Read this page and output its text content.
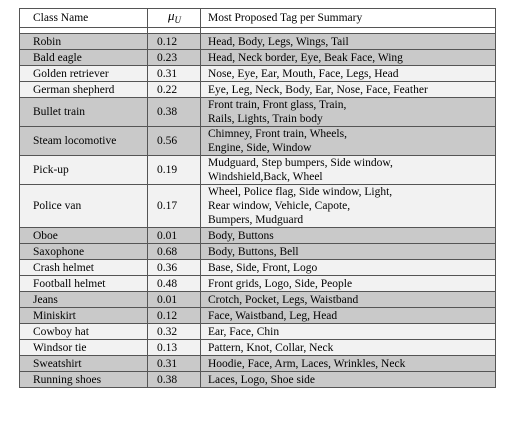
Class Name	$\mu_U$	Most Proposed Tag per Summary

Robin	0.12	Head, Body, Legs, Wings, Tail

Bald eagle	0.23	Head, Neck border, Eye, Beak Face, Wing

Golden retriever	0.31	Nose, Eye, Ear, Mouth, Face, Legs, Head

German shepherd	0.22	Eye, Leg, Neck, Body, Ear, Nose, Face, Feather

Bullet train	0.38	Front train, Front glass, Train,
Rails, Lights, Train body

Steam locomotive	0.56	Chimney, Front train, Wheels,
Engine, Side, Window

Pick-up	0.19	Mudguard, Step bumpers, Side window,
Windshield,Back, Wheel

Police van	0.17	Wheel, Police flag, Side window, Light,
Rear window, Vehicle, Capote,
Bumpers, Mudguard

Oboe	0.01	Body, Buttons

Saxophone	0.68	Body, Buttons, Bell

Crash helmet	0.36	Base, Side, Front, Logo

Football helmet	0.48	Front grids, Logo, Side, People

Jeans	0.01	Crotch, Pocket, Legs, Waistband

Miniskirt	0.12	Face, Waistband, Leg, Head

Cowboy hat	0.32	Ear, Face, Chin

Windsor tie	0.13	Pattern, Knot, Collar, Neck

Sweatshirt	0.31	Hoodie, Face, Arm, Laces, Wrinkles, Neck

Running shoes	0.38	Laces, Logo, Shoe side
